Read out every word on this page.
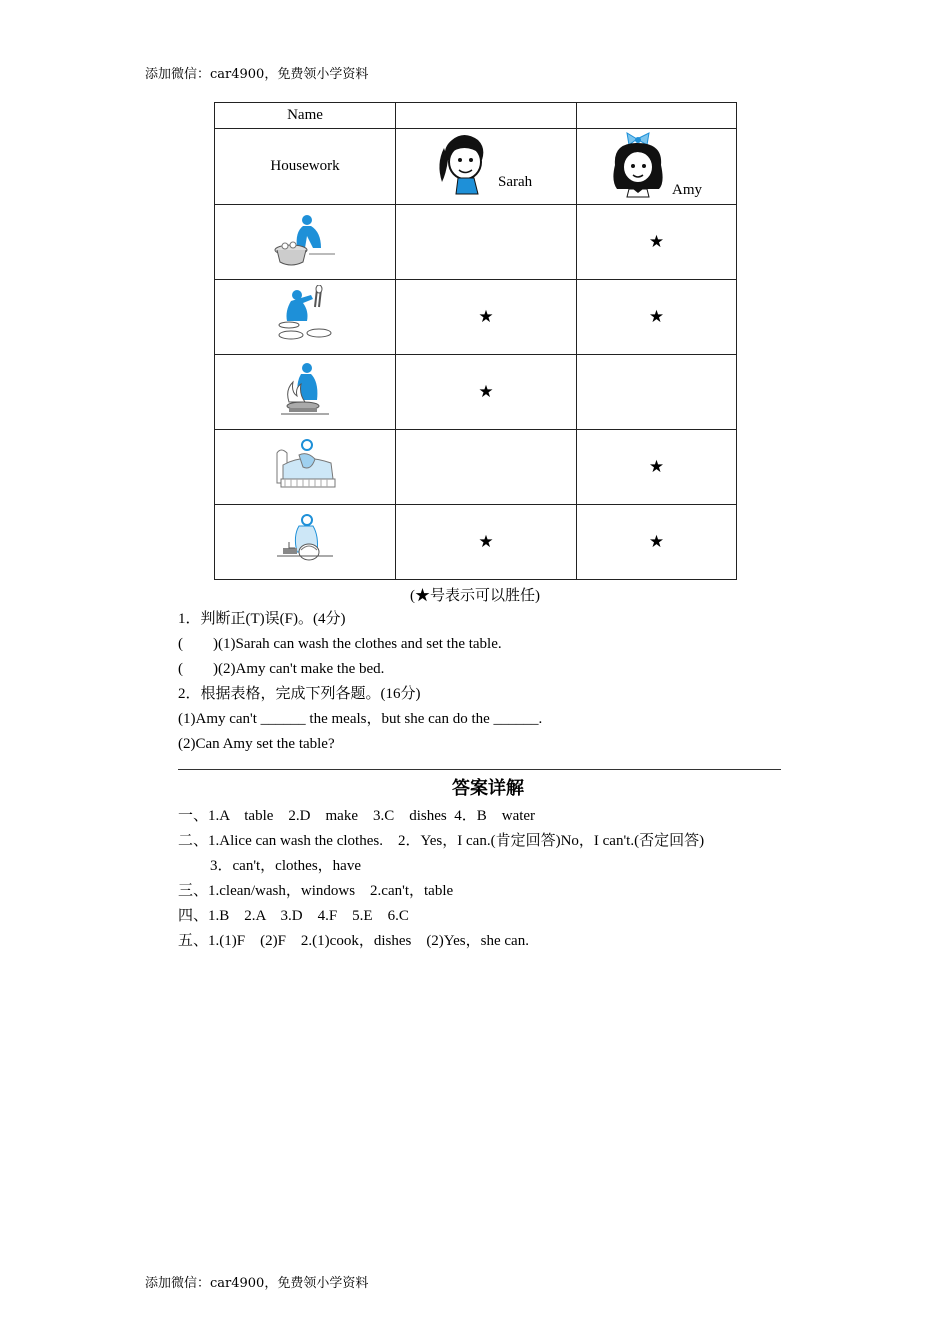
添加微信：car4900，免费领小学资料
Name		
Housework	Sarah	Amy

		★
	★	★
	★	
		★
	★	★
(★号表示可以胜任)
1．判断正(T)误(F)。(4分)
(        )(1)Sarah can wash the clothes and set the table.
(        )(2)Amy can't make the bed.
2．根据表格，完成下列各题。(16分)
(1)Amy can't ______ the meals，but she can do the ______.
(2)Can Amy set the table?
答案详解
一、1.A    table    2.D    make    3.C    dishes  4．B    water
二、1.Alice can wash the clothes.    2．Yes，I can.(肯定回答)No，I can't.(否定回答)
3．can't，clothes，have
三、1.clean/wash，windows    2.can't，table
四、1.B    2.A    3.D    4.F    5.E    6.C
五、1.(1)F    (2)F    2.(1)cook，dishes    (2)Yes，she can.
添加微信：car4900，免费领小学资料
